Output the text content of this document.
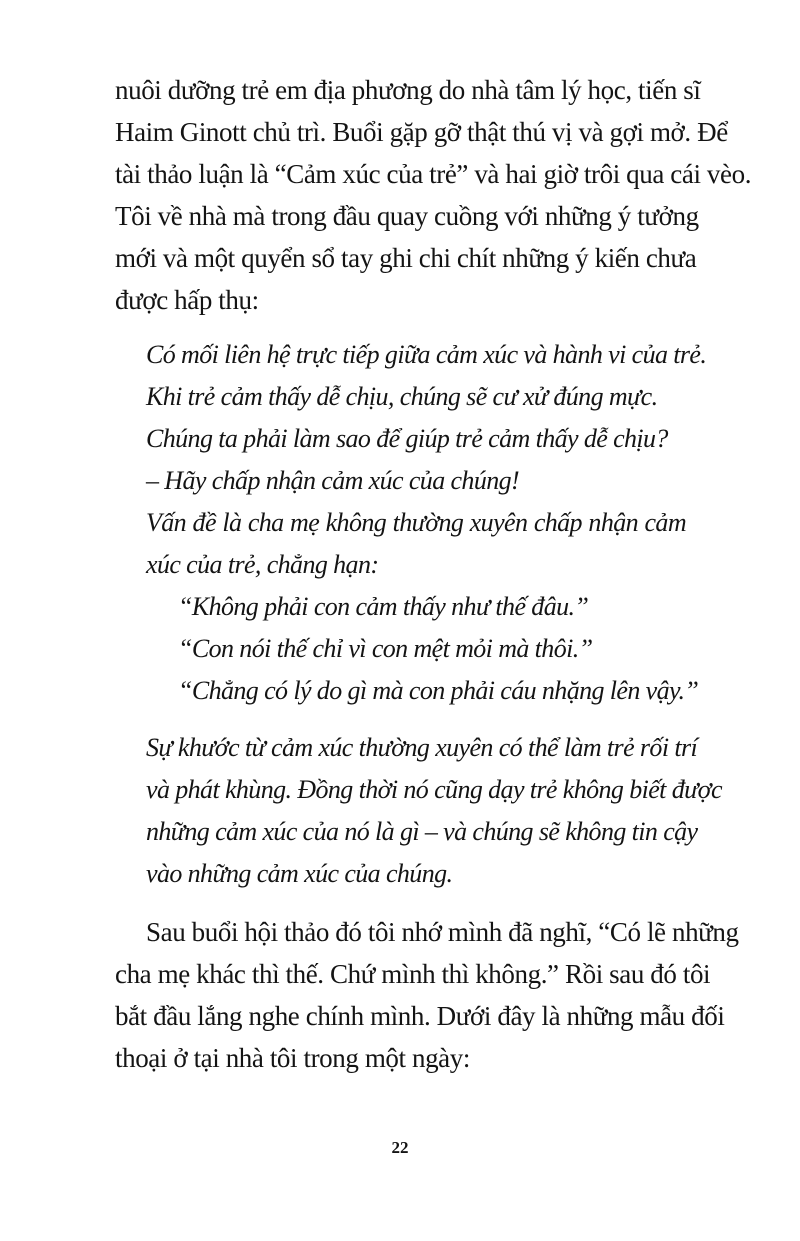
nuôi dưỡng trẻ em địa phương do nhà tâm lý học, tiến sĩ
Haim Ginott chủ trì. Buổi gặp gỡ thật thú vị và gợi mở. Để
tài thảo luận là “Cảm xúc của trẻ” và hai giờ trôi qua cái vèo.
Tôi về nhà mà trong đầu quay cuồng với những ý tưởng
mới và một quyển sổ tay ghi chi chít những ý kiến chưa
được hấp thụ:
Có mối liên hệ trực tiếp giữa cảm xúc và hành vi của trẻ.
Khi trẻ cảm thấy dễ chịu, chúng sẽ cư xử đúng mực.
Chúng ta phải làm sao để giúp trẻ cảm thấy dễ chịu?
– Hãy chấp nhận cảm xúc của chúng!
Vấn đề là cha mẹ không thường xuyên chấp nhận cảm
xúc của trẻ, chẳng hạn:
“Không phải con cảm thấy như thế đâu.”
“Con nói thế chỉ vì con mệt mỏi mà thôi.”
“Chẳng có lý do gì mà con phải cáu nhặng lên vậy.”
Sự khước từ cảm xúc thường xuyên có thể làm trẻ rối trí
và phát khùng. Đồng thời nó cũng dạy trẻ không biết được
những cảm xúc của nó là gì – và chúng sẽ không tin cậy
vào những cảm xúc của chúng.
Sau buổi hội thảo đó tôi nhớ mình đã nghĩ, “Có lẽ những
cha mẹ khác thì thế. Chứ mình thì không.” Rồi sau đó tôi
bắt đầu lắng nghe chính mình. Dưới đây là những mẫu đối
thoại ở tại nhà tôi trong một ngày:
22
